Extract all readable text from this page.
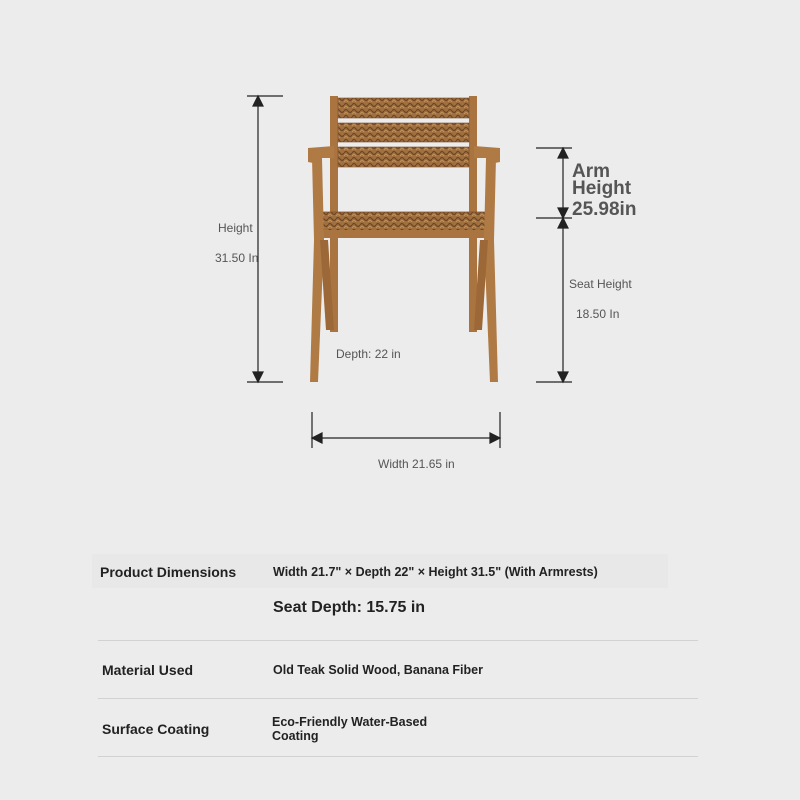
Height
31.50 In
Arm
Height
25.98in
Seat Height
18.50 In
Depth: 22 in
Width 21.65 in
Product Dimensions	Width 21.7" × Depth 22" × Height 31.5" (With Armrests)
Seat Depth: 15.75 in
Material Used	Old Teak Solid Wood, Banana Fiber
Surface Coating	Eco-Friendly Water-Based
Coating
